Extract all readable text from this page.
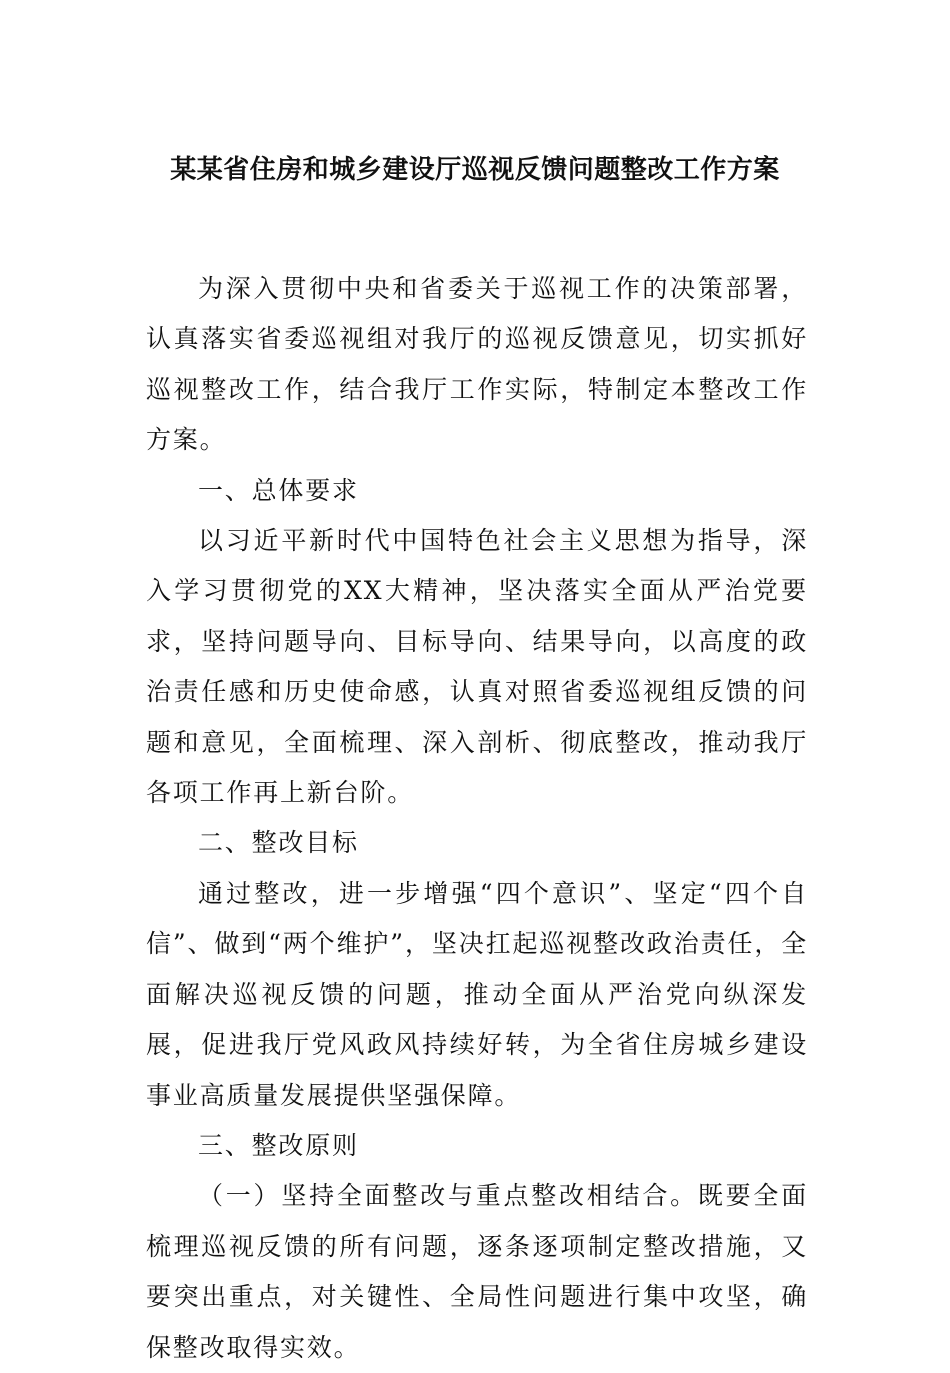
某某省住房和城乡建设厅巡视反馈问题整改工作方案

为深入贯彻中央和省委关于巡视工作的决策部署，认真落实省委巡视组对我厅的巡视反馈意见，切实抓好巡视整改工作，结合我厅工作实际，特制定本整改工作方案。

一、总体要求

以习近平新时代中国特色社会主义思想为指导，深入学习贯彻党的XX大精神，坚决落实全面从严治党要求，坚持问题导向、目标导向、结果导向，以高度的政治责任感和历史使命感，认真对照省委巡视组反馈的问题和意见，全面梳理、深入剖析、彻底整改，推动我厅各项工作再上新台阶。

二、整改目标

通过整改，进一步增强“四个意识”、坚定“四个自信”、做到“两个维护”，坚决扛起巡视整改政治责任，全面解决巡视反馈的问题，推动全面从严治党向纵深发展，促进我厅党风政风持续好转，为全省住房城乡建设事业高质量发展提供坚强保障。

三、整改原则

（一）坚持全面整改与重点整改相结合。既要全面梳理巡视反馈的所有问题，逐条逐项制定整改措施，又要突出重点，对关键性、全局性问题进行集中攻坚，确保整改取得实效。
